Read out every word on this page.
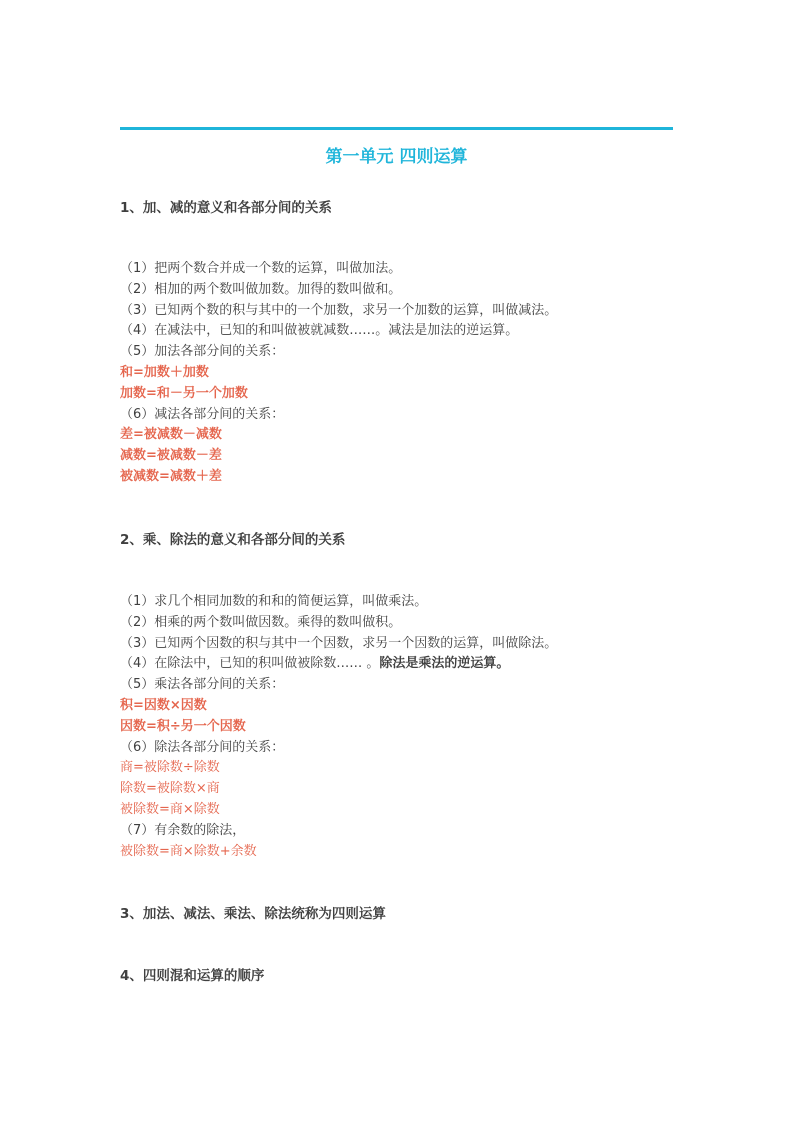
第一单元 四则运算
1、加、减的意义和各部分间的关系
（1）把两个数合并成一个数的运算，叫做加法。
（2）相加的两个数叫做加数。加得的数叫做和。
（3）已知两个数的积与其中的一个加数，求另一个加数的运算，叫做减法。
（4）在减法中，已知的和叫做被就减数……。减法是加法的逆运算。
（5）加法各部分间的关系：
和=加数＋加数
加数=和－另一个加数
（6）减法各部分间的关系：
差=被减数－减数
减数=被减数－差
被减数=减数＋差
2、乘、除法的意义和各部分间的关系
（1）求几个相同加数的和和的简便运算，叫做乘法。
（2）相乘的两个数叫做因数。乘得的数叫做积。
（3）已知两个因数的积与其中一个因数，求另一个因数的运算，叫做除法。
（4）在除法中，已知的积叫做被除数…… 。除法是乘法的逆运算。
（5）乘法各部分间的关系：
积=因数×因数
因数=积÷另一个因数
（6）除法各部分间的关系：
商=被除数÷除数
除数=被除数×商
被除数=商×除数
（7）有余数的除法，
被除数=商×除数+余数
3、加法、减法、乘法、除法统称为四则运算
4、四则混和运算的顺序
